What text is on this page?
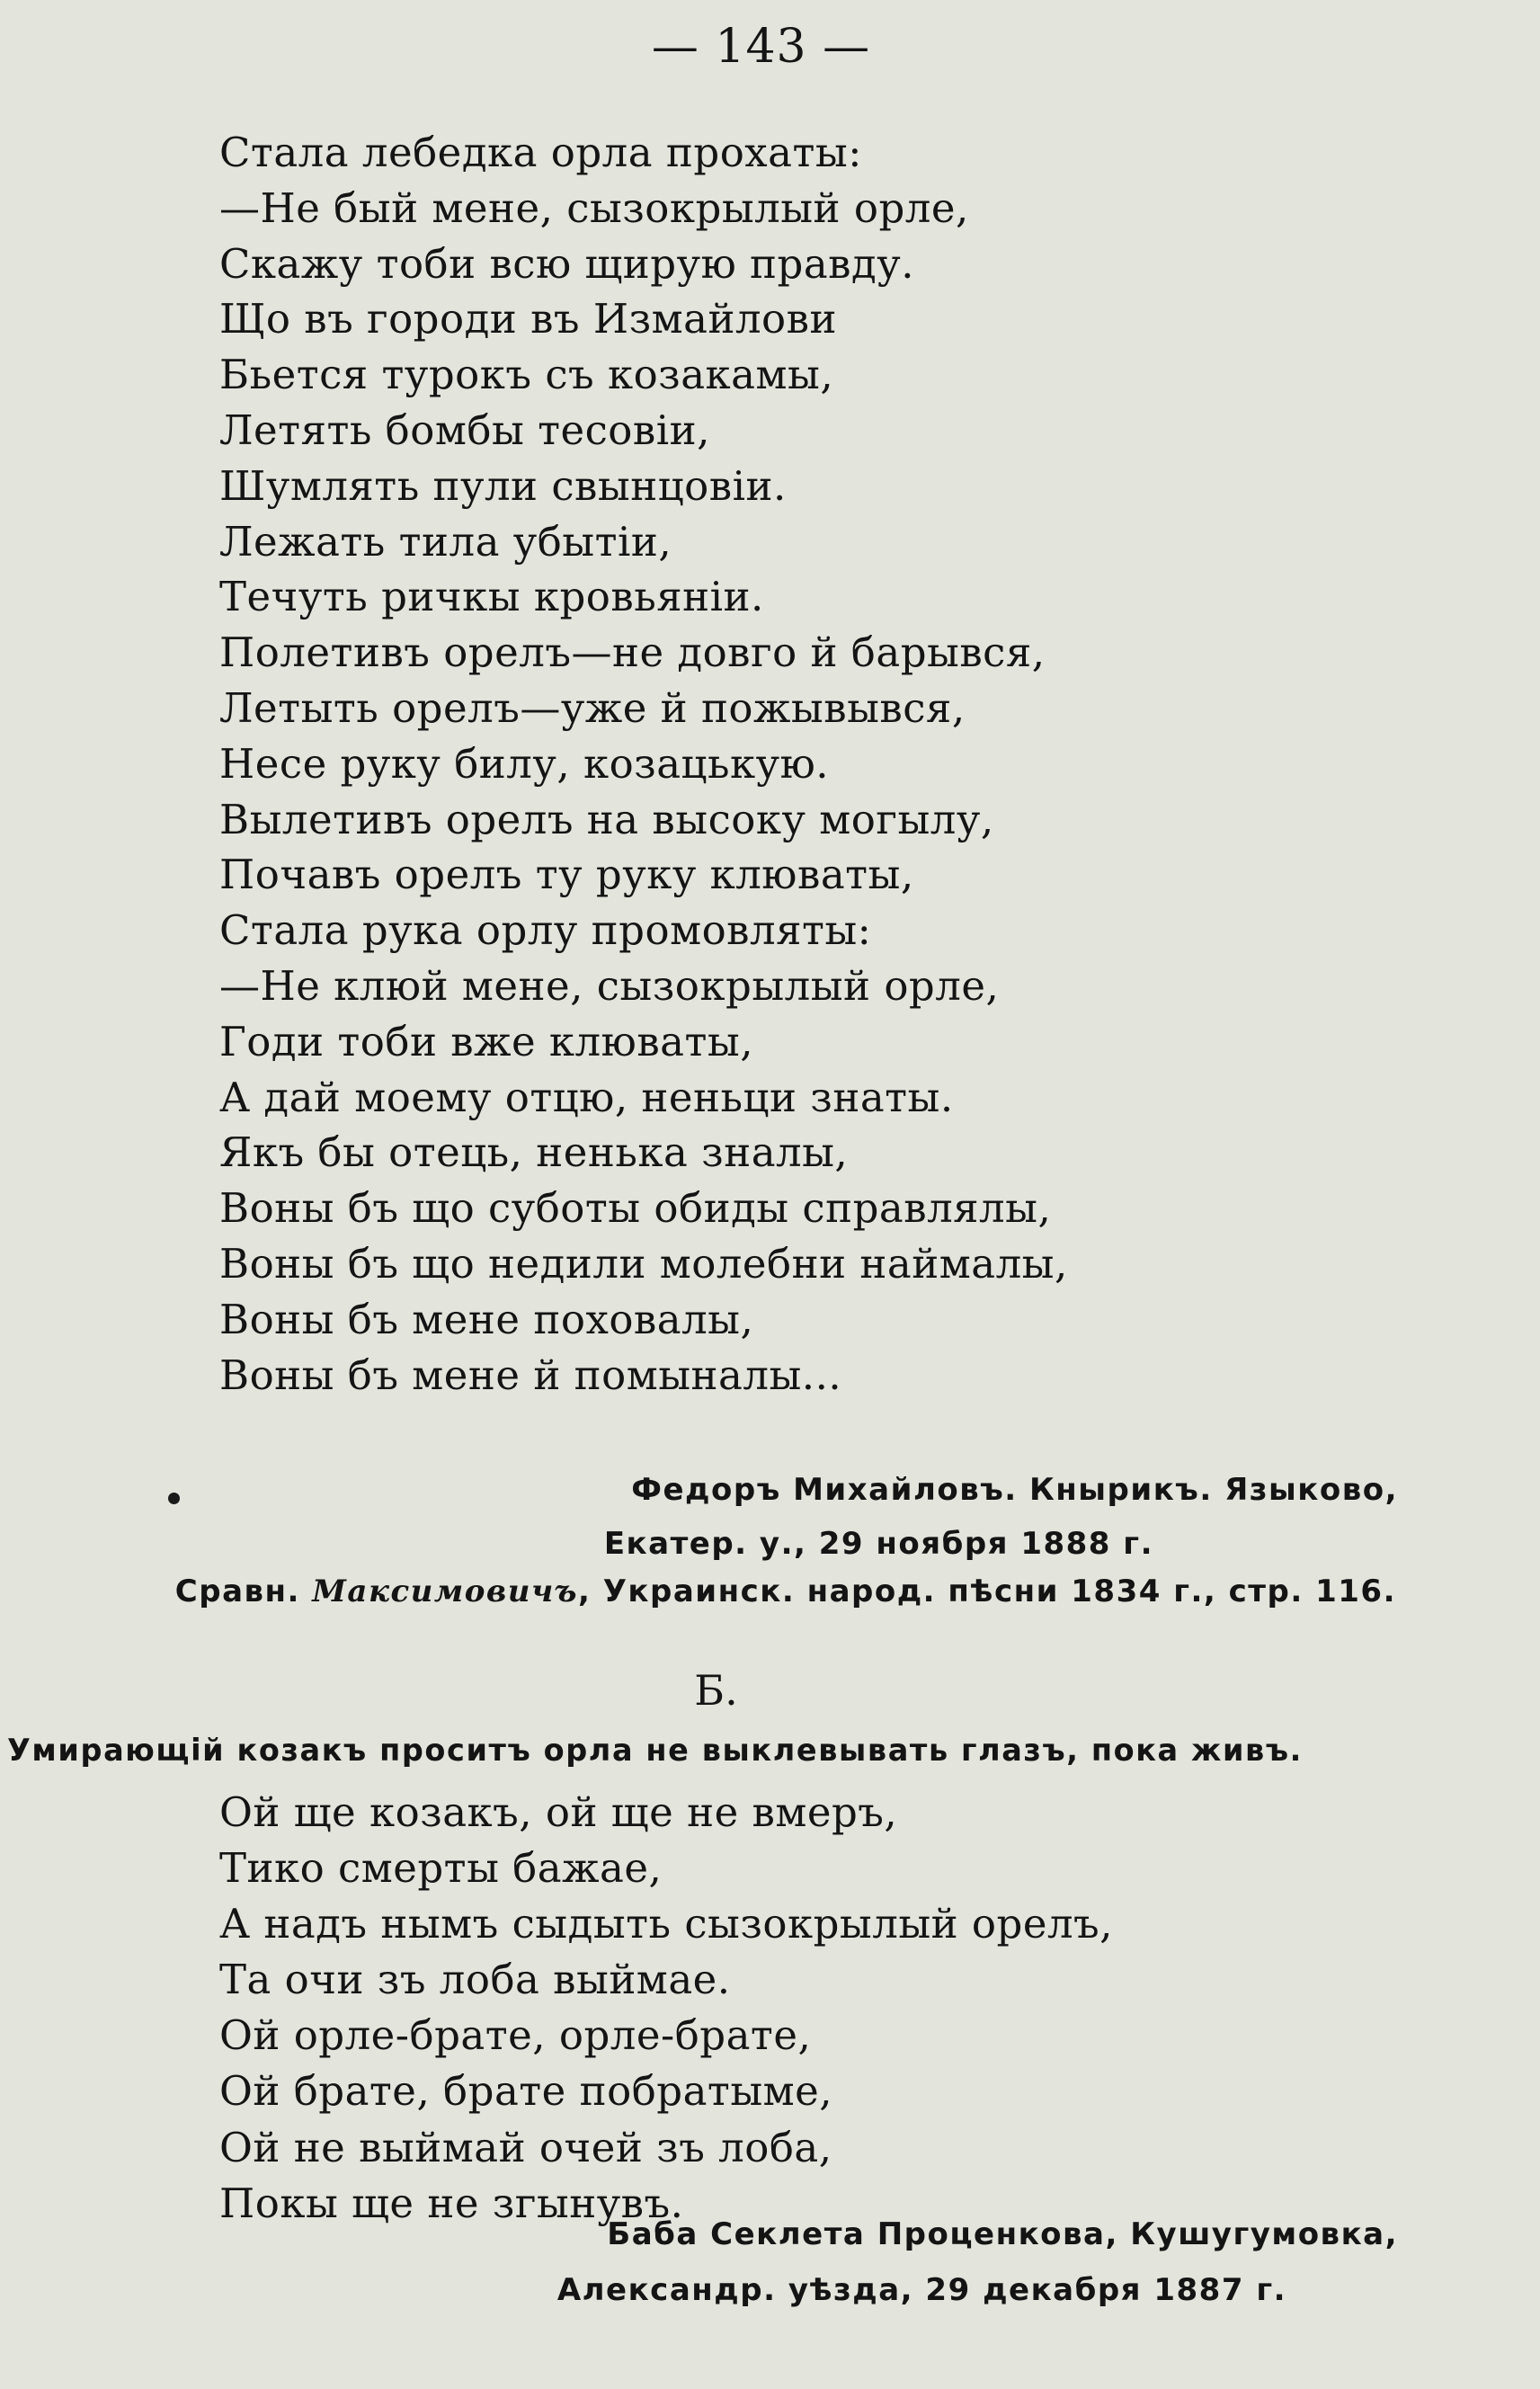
— 143 —
Стала лебедка орла прохаты:
—Не бый мене, сызокрылый орле,
Скажу тоби всю щирую правду.
Що въ городи въ Измайлови
Бьется турокъ съ козакамы,
Летять бомбы тесовiи,
Шумлять пули свынцовiи.
Лежать тила убытiи,
Течуть ричкы кровьянiи.
Полетивъ орелъ—не довго й барывся,
Летыть орелъ—уже й пожывывся,
Несе руку билу, козацькую.
Вылетивъ орелъ на высоку могылу,
Почавъ орелъ ту руку клюваты,
Стала рука орлу промовляты:
—Не клюй мене, сызокрылый орле,
Годи тоби вже клюваты,
А дай моему отцю, неньци знаты.
Якъ бы отець, ненька зналы,
Воны бъ що суботы обиды справлялы,
Воны бъ що недили молебни наймалы,
Воны бъ мене поховалы,
Воны бъ мене й помыналы...
Федоръ Михайловъ. Кнырикъ. Языково,
Екатер. у., 29 ноября 1888 г.
Сравн. Максимовичъ, Украинск. народ. пѣсни 1834 г., стр. 116.
Б.
Умирающiй козакъ проситъ орла не выклевывать глазъ, пока живъ.
Ой ще козакъ, ой ще не вмеръ,
Тико смерты бажае,
А надъ нымъ сыдыть сызокрылый орелъ,
Та очи зъ лоба выймае.
Ой орле-брате, орле-брате,
Ой брате, брате побратыме,
Ой не выймай очей зъ лоба,
Покы ще не згынувъ.
Баба Секлета Проценкова, Кушугумовка,
Александр. уѣзда, 29 декабря 1887 г.
